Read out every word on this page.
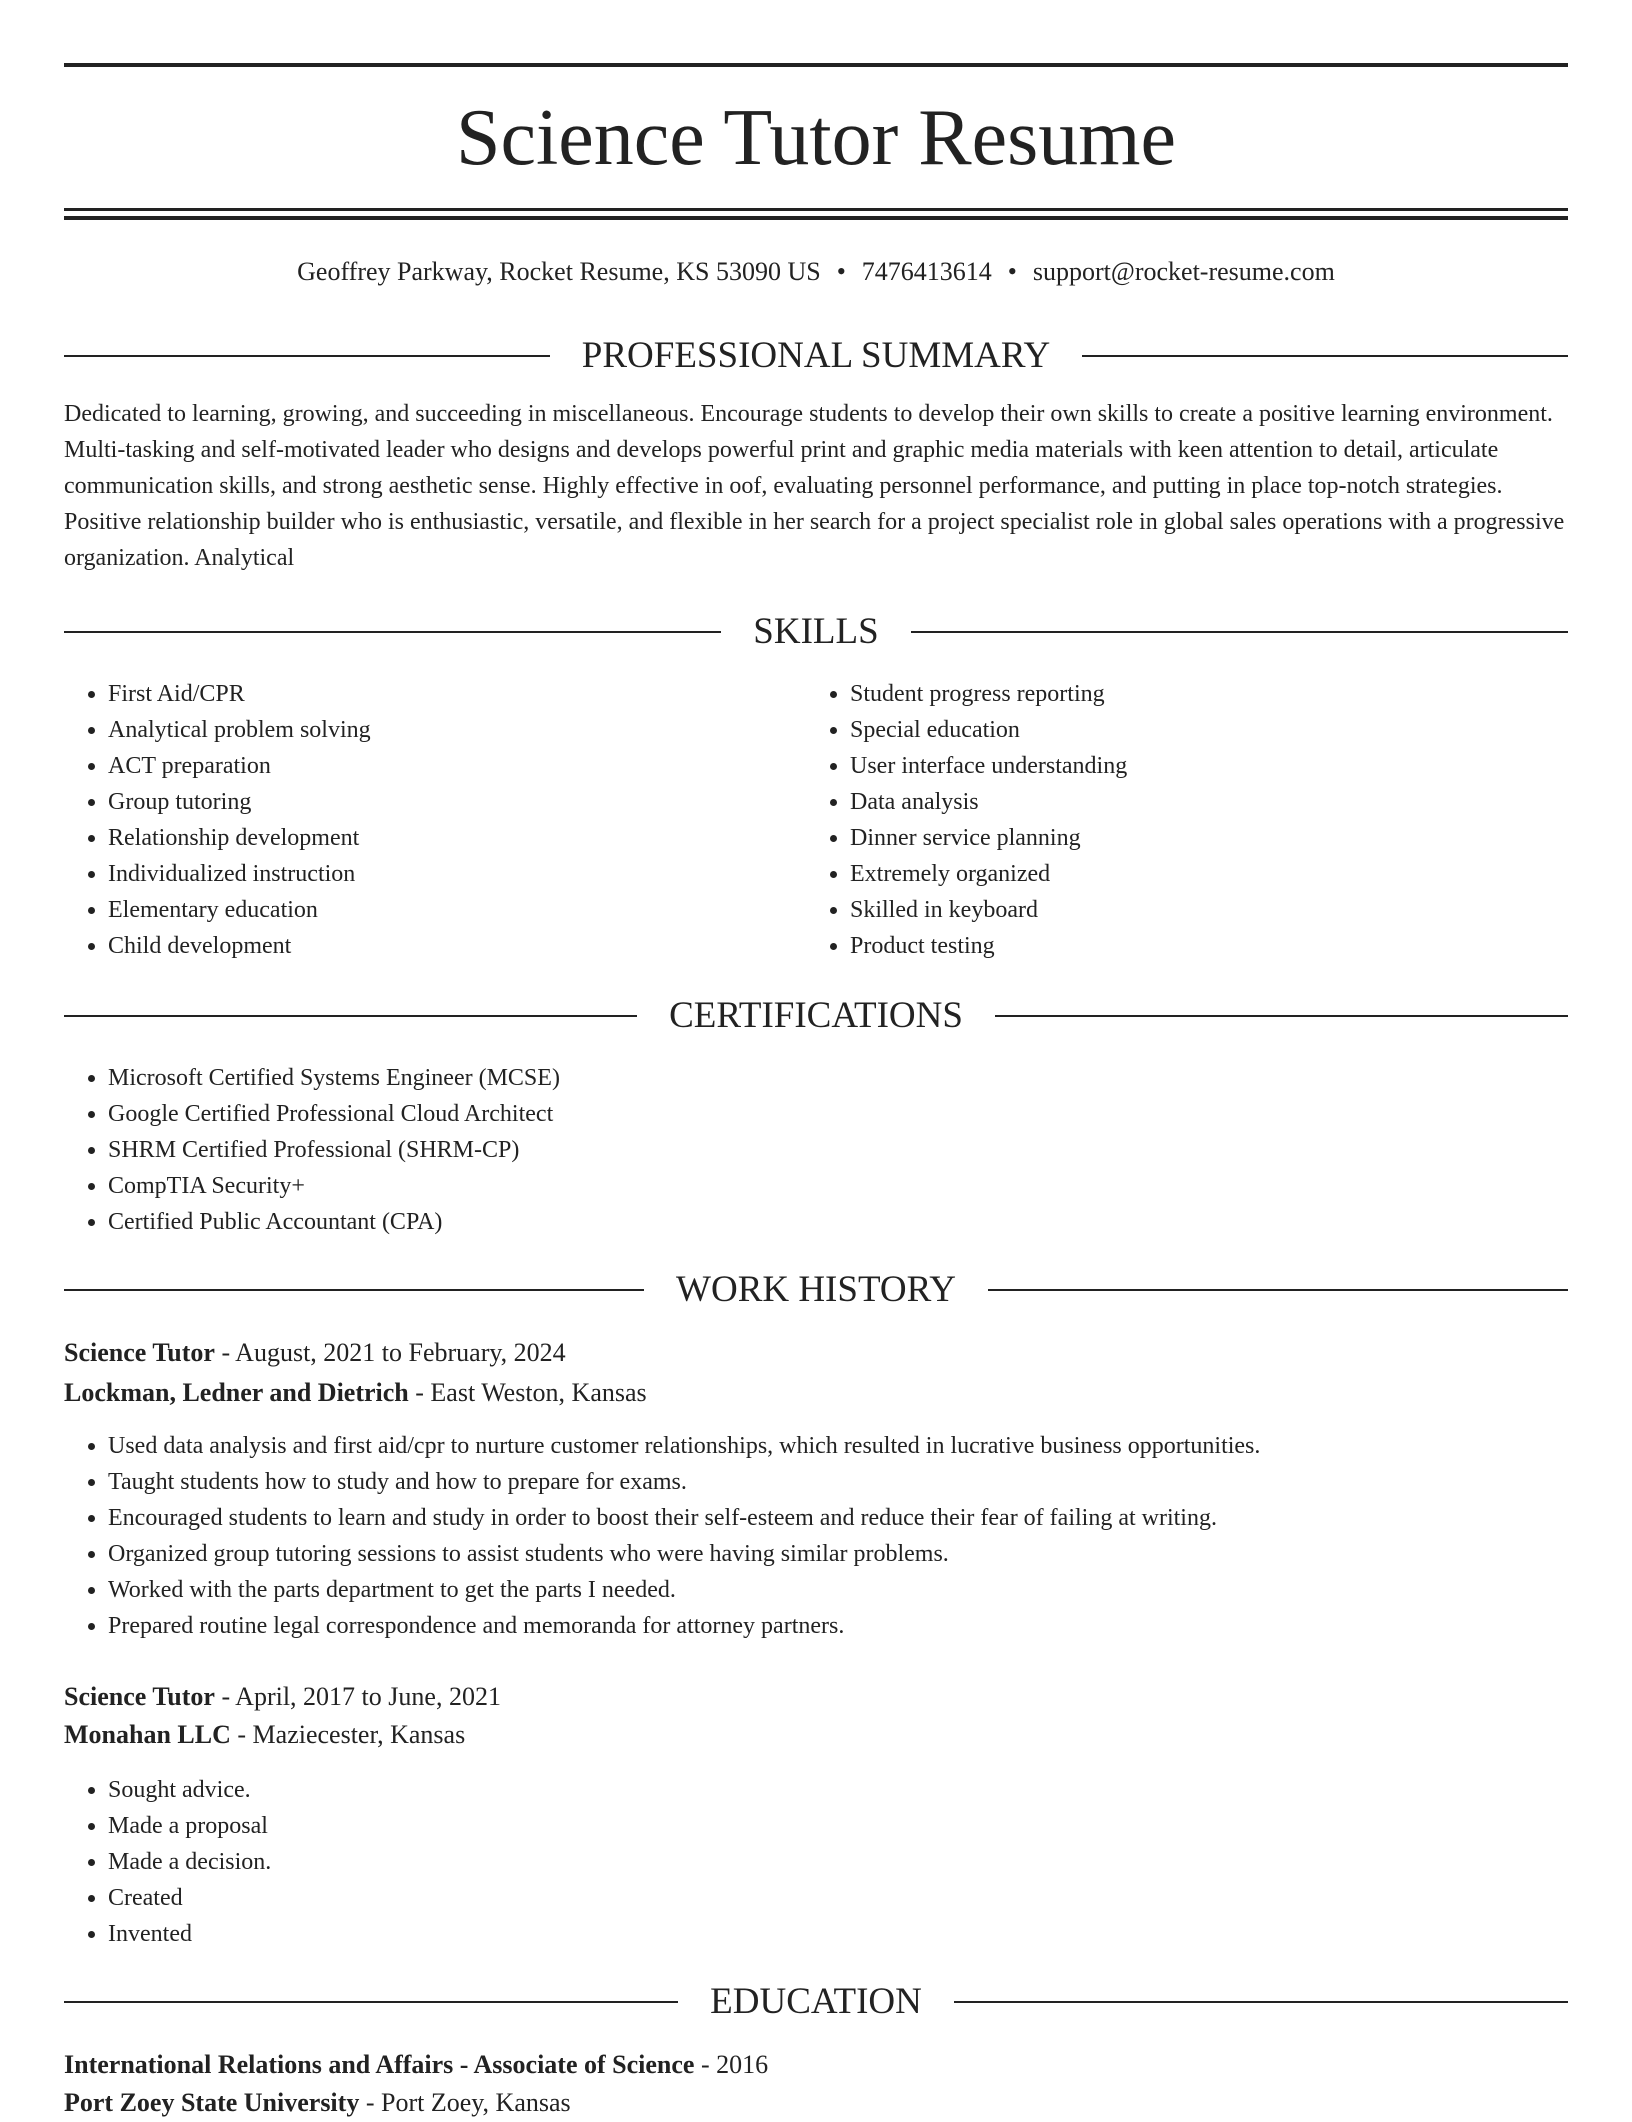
Science Tutor Resume
Geoffrey Parkway, Rocket Resume, KS 53090 US • 7476413614 • support@rocket-resume.com
PROFESSIONAL SUMMARY

Dedicated to learning, growing, and succeeding in miscellaneous. Encourage students to develop their own skills to create a positive learning environment. Multi-tasking and self-motivated leader who designs and develops powerful print and graphic media materials with keen attention to detail, articulate communication skills, and strong aesthetic sense. Highly effective in oof, evaluating personnel performance, and putting in place top-notch strategies. Positive relationship builder who is enthusiastic, versatile, and flexible in her search for a project specialist role in global sales operations with a progressive organization. Analytical

SKILLS
• First Aid/CPR
• Analytical problem solving
• ACT preparation
• Group tutoring
• Relationship development
• Individualized instruction
• Elementary education
• Child development
• Student progress reporting
• Special education
• User interface understanding
• Data analysis
• Dinner service planning
• Extremely organized
• Skilled in keyboard
• Product testing
CERTIFICATIONS
• Microsoft Certified Systems Engineer (MCSE)
• Google Certified Professional Cloud Architect
• SHRM Certified Professional (SHRM-CP)
• CompTIA Security+
• Certified Public Accountant (CPA)
WORK HISTORY
Science Tutor - August, 2021 to February, 2024
Lockman, Ledner and Dietrich - East Weston, Kansas
• Used data analysis and first aid/cpr to nurture customer relationships, which resulted in lucrative business opportunities.
• Taught students how to study and how to prepare for exams.
• Encouraged students to learn and study in order to boost their self-esteem and reduce their fear of failing at writing.
• Organized group tutoring sessions to assist students who were having similar problems.
• Worked with the parts department to get the parts I needed.
• Prepared routine legal correspondence and memoranda for attorney partners.
Science Tutor - April, 2017 to June, 2021
Monahan LLC - Maziecester, Kansas
• Sought advice.
• Made a proposal
• Made a decision.
• Created
• Invented
EDUCATION
International Relations and Affairs - Associate of Science - 2016
Port Zoey State University - Port Zoey, Kansas
